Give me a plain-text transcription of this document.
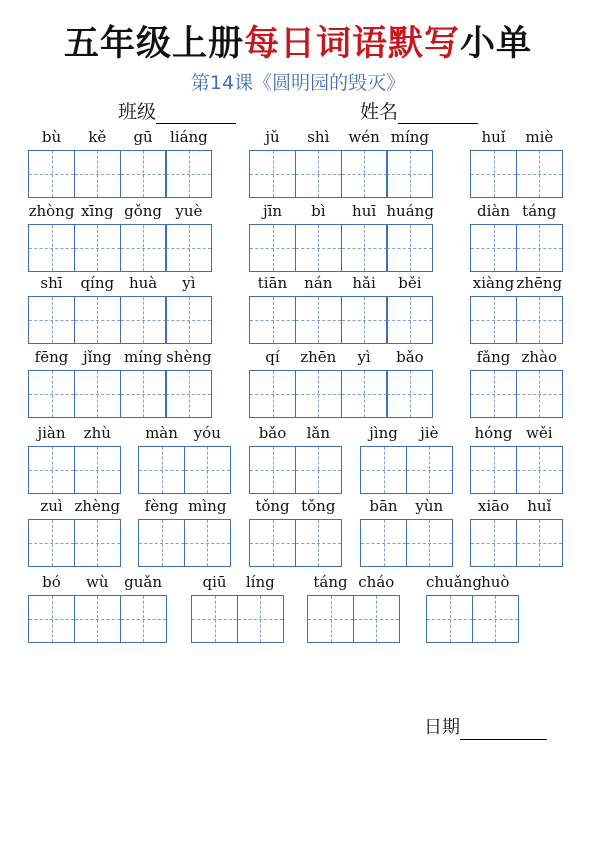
五年级上册每日词语默写小单
第14课《圆明园的毁灭》
班级	姓名
bù	kě	gū	liáng	jǔ	shì	wén míng	huǐ	miè
zhòng xīng gǒng yuè	jīn	bì	huī huáng	diàn táng
shī	qíng huà	yì	tiān	nán	hǎi	běi	xiàng zhēng
fēng jǐng míng shèng	qí	zhēn	yì	bǎo	fǎng zhào
jiàn	zhù	màn	yóu	bǎo	lǎn	jìng	jiè	hóng wěi
zuì zhèng	fèng mìng	tǒng tǒng	bān	yùn	xiāo	huǐ
bó	wù	guǎn	qiū	líng	táng cháo	chuǎng huò
日期
